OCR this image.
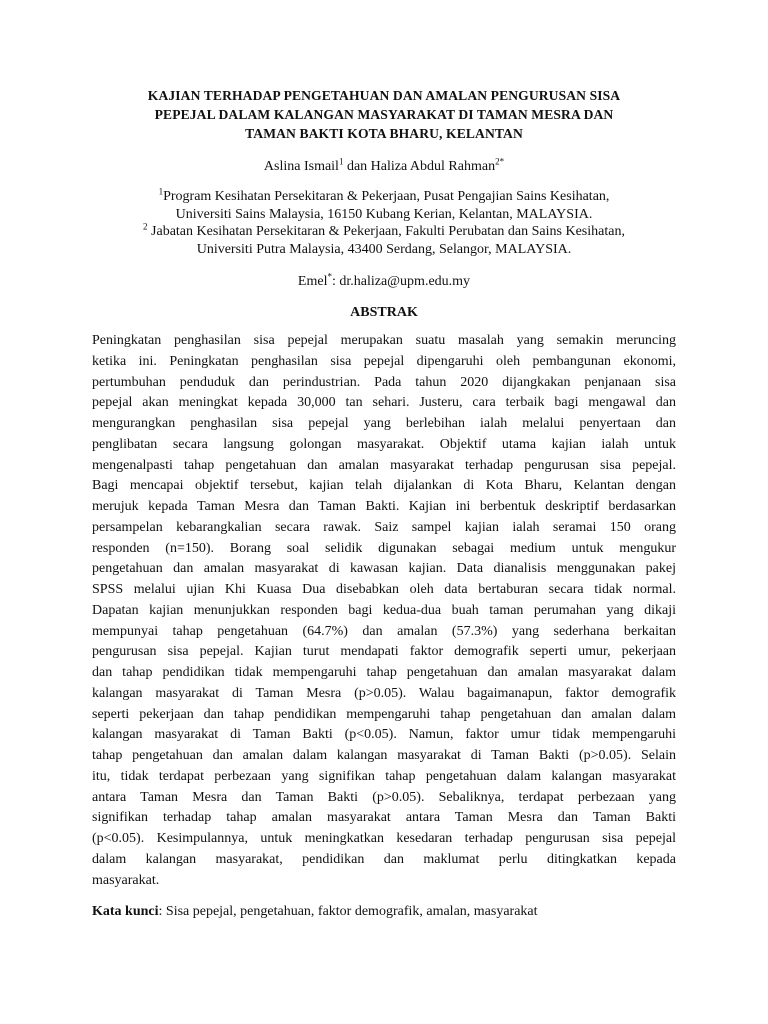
KAJIAN TERHADAP PENGETAHUAN DAN AMALAN PENGURUSAN SISA
PEPEJAL DALAM KALANGAN MASYARAKAT DI TAMAN MESRA DAN
TAMAN BAKTI KOTA BHARU, KELANTAN
Aslina Ismail$^1$ dan Haliza Abdul Rahman$^{2*}$
$^1$Program Kesihatan Persekitaran & Pekerjaan, Pusat Pengajian Sains Kesihatan,
Universiti Sains Malaysia, 16150 Kubang Kerian, Kelantan, MALAYSIA.
$^2$ Jabatan Kesihatan Persekitaran & Pekerjaan, Fakulti Perubatan dan Sains Kesihatan,
Universiti Putra Malaysia, 43400 Serdang, Selangor, MALAYSIA.
Emel*: dr.haliza@upm.edu.my
ABSTRAK
Peningkatan penghasilan sisa pepejal merupakan suatu masalah yang semakin meruncing
ketika ini. Peningkatan penghasilan sisa pepejal dipengaruhi oleh pembangunan ekonomi,
pertumbuhan penduduk dan perindustrian. Pada tahun 2020 dijangkakan penjanaan sisa
pepejal akan meningkat kepada 30,000 tan sehari. Justeru, cara terbaik bagi mengawal dan
mengurangkan penghasilan sisa pepejal yang berlebihan ialah melalui penyertaan dan
penglibatan secara langsung golongan masyarakat. Objektif utama kajian ialah untuk
mengenalpasti tahap pengetahuan dan amalan masyarakat terhadap pengurusan sisa pepejal.
Bagi mencapai objektif tersebut, kajian telah dijalankan di Kota Bharu, Kelantan dengan
merujuk kepada Taman Mesra dan Taman Bakti. Kajian ini berbentuk deskriptif berdasarkan
persampelan kebarangkalian secara rawak. Saiz sampel kajian ialah seramai 150 orang
responden (n=150). Borang soal selidik digunakan sebagai medium untuk mengukur
pengetahuan dan amalan masyarakat di kawasan kajian. Data dianalisis menggunakan pakej
SPSS melalui ujian Khi Kuasa Dua disebabkan oleh data bertaburan secara tidak normal.
Dapatan kajian menunjukkan responden bagi kedua-dua buah taman perumahan yang dikaji
mempunyai tahap pengetahuan (64.7%) dan amalan (57.3%) yang sederhana berkaitan
pengurusan sisa pepejal. Kajian turut mendapati faktor demografik seperti umur, pekerjaan
dan tahap pendidikan tidak mempengaruhi tahap pengetahuan dan amalan masyarakat dalam
kalangan masyarakat di Taman Mesra (p>0.05). Walau bagaimanapun, faktor demografik
seperti pekerjaan dan tahap pendidikan mempengaruhi tahap pengetahuan dan amalan dalam
kalangan masyarakat di Taman Bakti (p<0.05). Namun, faktor umur tidak mempengaruhi
tahap pengetahuan dan amalan dalam kalangan masyarakat di Taman Bakti (p>0.05). Selain
itu, tidak terdapat perbezaan yang signifikan tahap pengetahuan dalam kalangan masyarakat
antara Taman Mesra dan Taman Bakti (p>0.05). Sebaliknya, terdapat perbezaan yang
signifikan terhadap tahap amalan masyarakat antara Taman Mesra dan Taman Bakti
(p<0.05). Kesimpulannya, untuk meningkatkan kesedaran terhadap pengurusan sisa pepejal
dalam kalangan masyarakat, pendidikan dan maklumat perlu ditingkatkan kepada
masyarakat.
Kata kunci: Sisa pepejal, pengetahuan, faktor demografik, amalan, masyarakat
